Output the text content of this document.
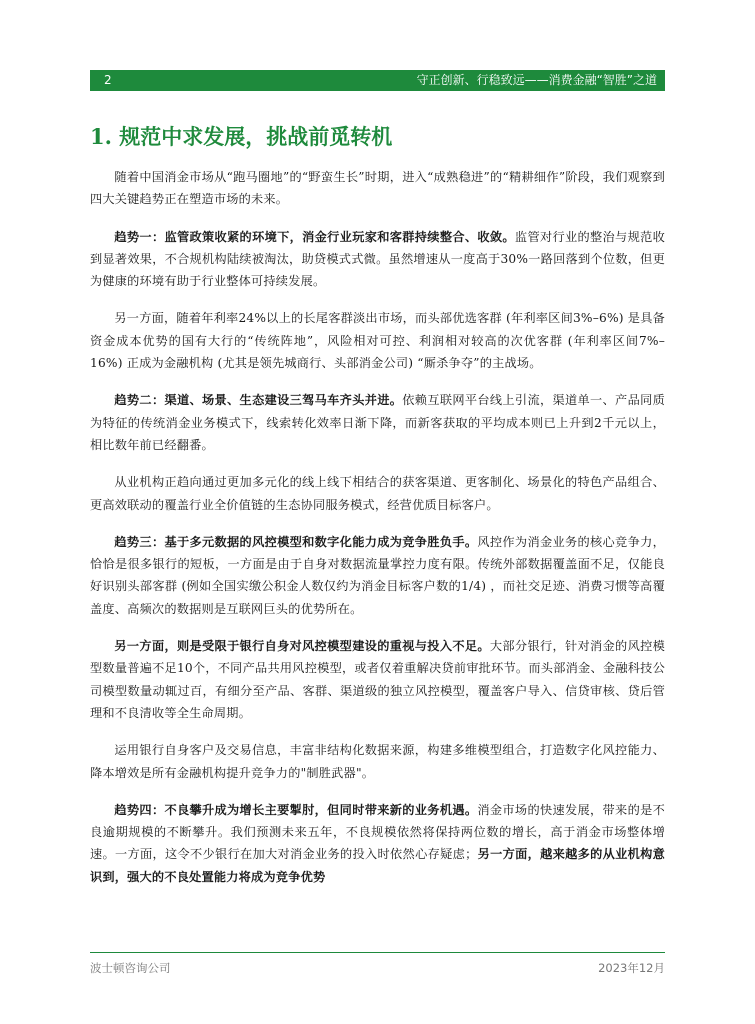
2	守正创新、行稳致远——消费金融“智胜”之道
1. 规范中求发展，挑战前觅转机

随着中国消金市场从“跑马圈地”的“野蛮生长”时期，进入“成熟稳进”的“精耕细作”阶段，我们观察到四大关键趋势正在塑造市场的未来。

趋势一：监管政策收紧的环境下，消金行业玩家和客群持续整合、收敛。监管对行业的整治与规范收到显著效果，不合规机构陆续被淘汰，助贷模式式微。虽然增速从一度高于30%一路回落到个位数，但更为健康的环境有助于行业整体可持续发展。

另一方面，随着年利率24%以上的长尾客群淡出市场，而头部优选客群 (年利率区间3%–6%) 是具备资金成本优势的国有大行的“传统阵地”，风险相对可控、利润相对较高的次优客群 (年利率区间7%–16%) 正成为金融机构 (尤其是领先城商行、头部消金公司) “厮杀争夺”的主战场。

趋势二：渠道、场景、生态建设三驾马车齐头并进。依赖互联网平台线上引流，渠道单一、产品同质为特征的传统消金业务模式下，线索转化效率日渐下降，而新客获取的平均成本则已上升到2千元以上，相比数年前已经翻番。

从业机构正趋向通过更加多元化的线上线下相结合的获客渠道、更客制化、场景化的特色产品组合、更高效联动的覆盖行业全价值链的生态协同服务模式，经营优质目标客户。

趋势三：基于多元数据的风控模型和数字化能力成为竞争胜负手。风控作为消金业务的核心竞争力，恰恰是很多银行的短板，一方面是由于自身对数据流量掌控力度有限。传统外部数据覆盖面不足，仅能良好识别头部客群 (例如全国实缴公积金人数仅约为消金目标客户数的1/4) ，而社交足迹、消费习惯等高覆盖度、高频次的数据则是互联网巨头的优势所在。

另一方面，则是受限于银行自身对风控模型建设的重视与投入不足。大部分银行，针对消金的风控模型数量普遍不足10个，不同产品共用风控模型，或者仅着重解决贷前审批环节。而头部消金、金融科技公司模型数量动辄过百，有细分至产品、客群、渠道级的独立风控模型，覆盖客户导入、信贷审核、贷后管理和不良清收等全生命周期。

运用银行自身客户及交易信息，丰富非结构化数据来源，构建多维模型组合，打造数字化风控能力、降本增效是所有金融机构提升竞争力的"制胜武器"。

趋势四：不良攀升成为增长主要掣肘，但同时带来新的业务机遇。消金市场的快速发展，带来的是不良逾期规模的不断攀升。我们预测未来五年，不良规模依然将保持两位数的增长，高于消金市场整体增速。一方面，这令不少银行在加大对消金业务的投入时依然心存疑虑；另一方面，越来越多的从业机构意识到，强大的不良处置能力将成为竞争优势

波士顿咨询公司	2023年12月
